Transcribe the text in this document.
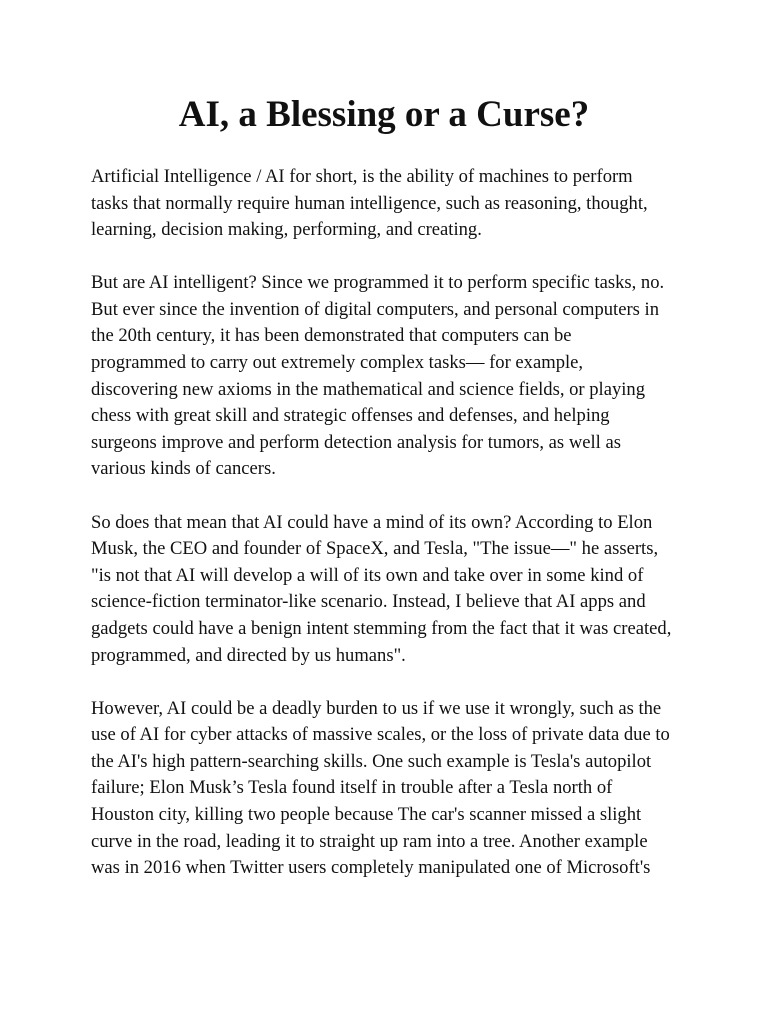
AI, a Blessing or a Curse?

Artificial Intelligence / AI for short, is the ability of machines to perform
tasks that normally require human intelligence, such as reasoning, thought,
learning, decision making, performing, and creating.

But are AI intelligent? Since we programmed it to perform specific tasks, no.
But ever since the invention of digital computers, and personal computers in
the 20th century, it has been demonstrated that computers can be
programmed to carry out extremely complex tasks— for example,
discovering new axioms in the mathematical and science fields, or playing
chess with great skill and strategic offenses and defenses, and helping
surgeons improve and perform detection analysis for tumors, as well as
various kinds of cancers.

So does that mean that AI could have a mind of its own? According to Elon
Musk, the CEO and founder of SpaceX, and Tesla, "The issue—" he asserts,
"is not that AI will develop a will of its own and take over in some kind of
science-fiction terminator-like scenario. Instead, I believe that AI apps and
gadgets could have a benign intent stemming from the fact that it was created,
programmed, and directed by us humans".

However, AI could be a deadly burden to us if we use it wrongly, such as the
use of AI for cyber attacks of massive scales, or the loss of private data due to
the AI's high pattern-searching skills. One such example is Tesla's autopilot
failure; Elon Musk’s Tesla found itself in trouble after a Tesla north of
Houston city, killing two people because The car's scanner missed a slight
curve in the road, leading it to straight up ram into a tree. Another example
was in 2016 when Twitter users completely manipulated one of Microsoft's
